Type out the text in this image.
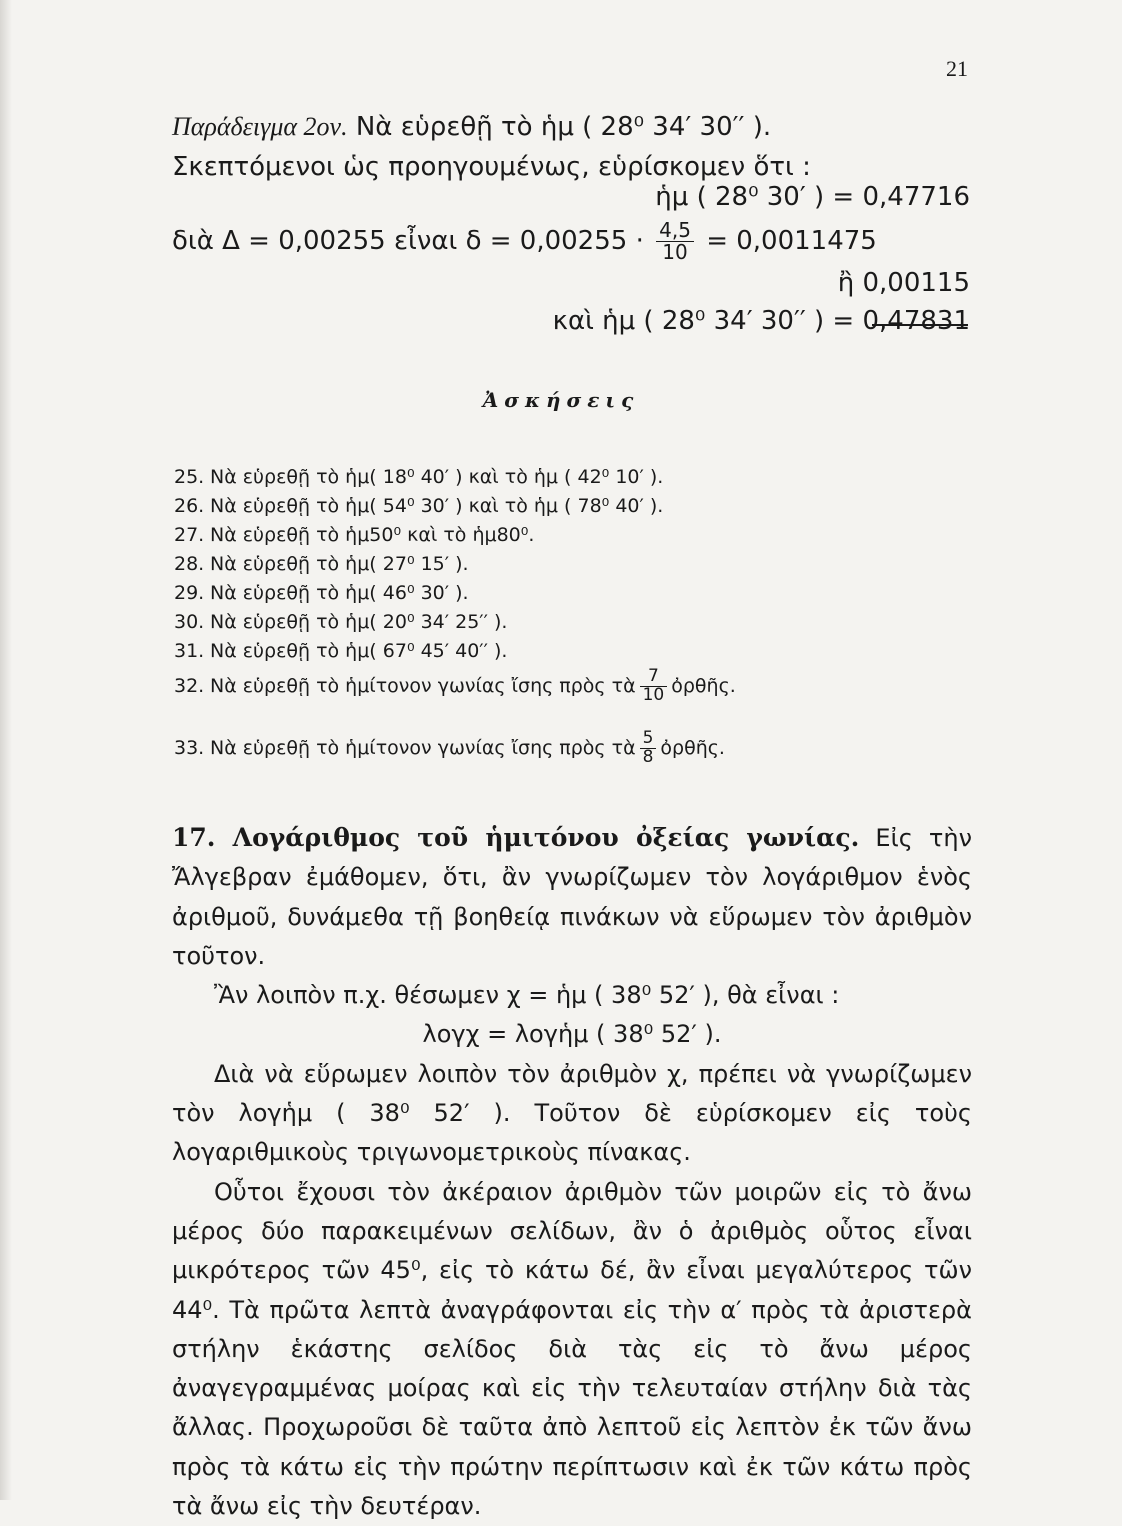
21
Παράδειγμα 2ον. Νὰ εὑρεθῇ τὸ ἡμ ( 28⁰ 34′ 30′′ ).
Σκεπτόμενοι ὡς προηγουμένως, εὑρίσκομεν ὅτι :
ἡμ ( 28⁰ 30′ ) = 0,47716
διὰ Δ = 0,00255 εἶναι $\delta = 0,00255 \cdot \frac{4,5}{10} = 0,0011475$
ἢ 0,00115
καὶ ἡμ ( 28⁰ 34′ 30′′ ) = 0,47831
Ἀσκήσεις
25. Νὰ εὑρεθῇ τὸ ἡμ( 18⁰ 40′ ) καὶ τὸ ἡμ ( 42⁰ 10′ ).
26. Νὰ εὑρεθῇ τὸ ἡμ( 54⁰ 30′ ) καὶ τὸ ἡμ ( 78⁰ 40′ ).
27. Νὰ εὑρεθῇ τὸ ἡμ50⁰ καὶ τὸ ἡμ80⁰.
28. Νὰ εὑρεθῇ τὸ ἡμ( 27⁰ 15′ ).
29. Νὰ εὑρεθῇ τὸ ἡμ( 46⁰ 30′ ).
30. Νὰ εὑρεθῇ τὸ ἡμ( 20⁰ 34′ 25′′ ).
31. Νὰ εὑρεθῇ τὸ ἡμ( 67⁰ 45′ 40′′ ).
32. Νὰ εὑρεθῇ τὸ ἡμίτονον γωνίας ἴσης πρὸς τὰ $\frac{7}{10}$ ὀρθῆς.
33. Νὰ εὑρεθῇ τὸ ἡμίτονον γωνίας ἴσης πρὸς τὰ $\frac{5}{8}$ ὀρθῆς.

17. Λογάριθμος τοῦ ἡμιτόνου ὀξείας γωνίας. Εἰς τὴν Ἄλγεβραν ἐμάθομεν, ὅτι, ἂν γνωρίζωμεν τὸν λογάριθμον ἑνὸς ἀριθμοῦ, δυνάμεθα τῇ βοηθείᾳ πινάκων νὰ εὕρωμεν τὸν ἀριθμὸν τοῦτον.

Ἂν λοιπὸν π.χ. θέσωμεν χ = ἡμ ( 38⁰ 52′ ), θὰ εἶναι :

λογχ = λογἡμ ( 38⁰ 52′ ).

Διὰ νὰ εὕρωμεν λοιπὸν τὸν ἀριθμὸν χ, πρέπει νὰ γνωρίζωμεν τὸν λογἡμ ( 38⁰ 52′ ). Τοῦτον δὲ εὑρίσκομεν εἰς τοὺς λογαριθμικοὺς τριγωνομετρικοὺς πίνακας.

Οὗτοι ἔχουσι τὸν ἀκέραιον ἀριθμὸν τῶν μοιρῶν εἰς τὸ ἄνω μέρος δύο παρακειμένων σελίδων, ἂν ὁ ἀριθμὸς οὗτος εἶναι μικρότερος τῶν 45⁰, εἰς τὸ κάτω δέ, ἂν εἶναι μεγαλύτερος τῶν 44⁰. Τὰ πρῶτα λεπτὰ ἀναγράφονται εἰς τὴν α′ πρὸς τὰ ἀριστερὰ στήλην ἑκάστης σελίδος διὰ τὰς εἰς τὸ ἄνω μέρος ἀναγεγραμμένας μοίρας καὶ εἰς τὴν τελευταίαν στήλην διὰ τὰς ἄλλας. Προχωροῦσι δὲ ταῦτα ἀπὸ λεπτοῦ εἰς λεπτὸν ἐκ τῶν ἄνω πρὸς τὰ κάτω εἰς τὴν πρώτην περίπτωσιν καὶ ἐκ τῶν κάτω πρὸς τὰ ἄνω εἰς τὴν δευτέραν.
